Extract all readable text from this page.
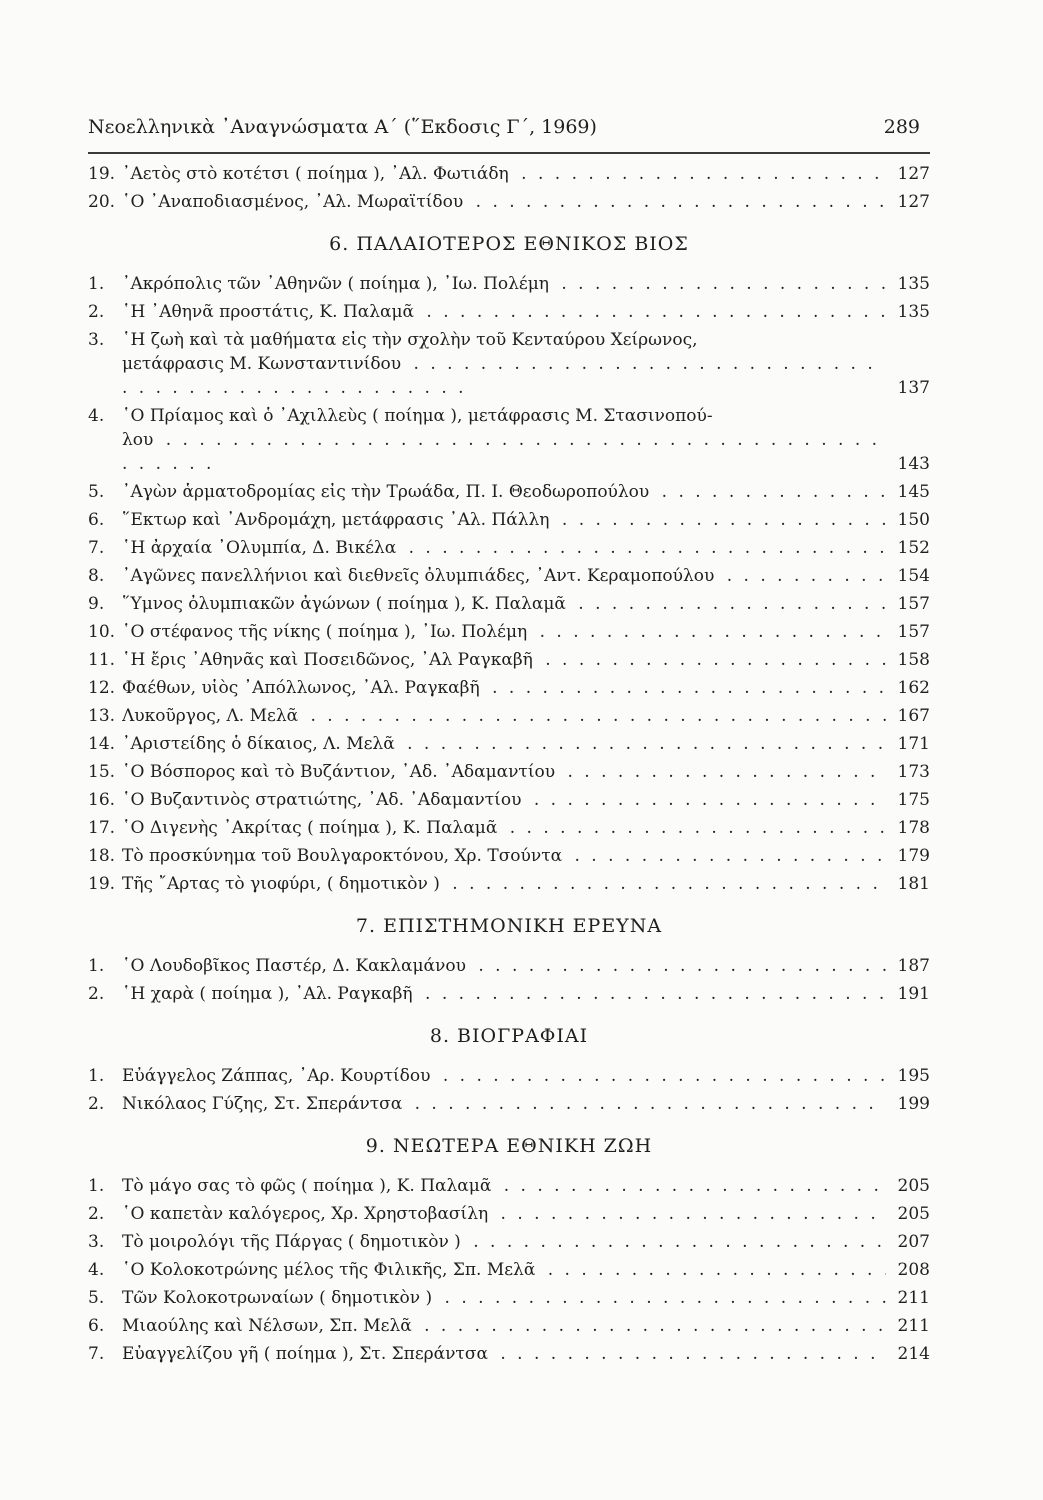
Νεοελληνικὰ ᾽Αναγνώσματα Α΄ (῞Εκδοσις Γ΄, 1969)	289
19. ᾽Αετὸς στὸ κοτέτσι ( ποίημα ), ᾽Αλ. Φωτιάδη . . .	127
20. ῾Ο ᾽Αναποδιασμένος, ᾽Αλ. Μωραϊτίδου . . .	127
6. ΠΑΛΑΙΟΤΕΡΟΣ ΕΘΝΙΚΟΣ ΒΙΟΣ
1.	᾽Ακρόπολις τῶν ᾽Αθηνῶν ( ποίημα ), ᾽Ιω. Πολέμη . . .	135
2.	῾Η ᾽Αθηνᾶ προστάτις, Κ. Παλαμᾶ . . .	135
3.	῾Η ζωὴ καὶ τὰ μαθήματα εἰς τὴν σχολὴν τοῦ Κενταύρου Χείρωνος,
μετάφρασις Μ. Κωνσταντινίδου . . .
137
4.	῾Ο Πρίαμος καὶ ὁ ᾽Αχιλλεὺς ( ποίημα ), μετάφρασις Μ. Στασινοπού-
λου . . .
143
5.	᾽Αγὼν ἁρματοδρομίας εἰς τὴν Τρωάδα, Π. Ι. Θεοδωροπούλου . . .	145
6.	῞Εκτωρ καὶ ᾽Ανδρομάχη, μετάφρασις ᾽Αλ. Πάλλη . . .	150
7.	῾Η ἀρχαία ᾽Ολυμπία, Δ. Βικέλα . . .	152
8.	᾽Αγῶνες πανελλήνιοι καὶ διεθνεῖς ὀλυμπιάδες, ᾽Αντ. Κεραμοπούλου . . .	154
9.	῞Υμνος ὀλυμπιακῶν ἀγώνων ( ποίημα ), Κ. Παλαμᾶ . . .	157
10. ῾Ο στέφανος τῆς νίκης ( ποίημα ), ᾽Ιω. Πολέμη . . .	157
11. ῾Η ἔρις ᾽Αθηνᾶς καὶ Ποσειδῶνος, ᾽Αλ Ραγκαβῆ . . .	158
12. Φαέθων, υἱὸς ᾽Απόλλωνος, ᾽Αλ. Ραγκαβῆ . . .	162
13. Λυκοῦργος, Λ. Μελᾶ . . .	167
14. ᾽Αριστείδης ὁ δίκαιος, Λ. Μελᾶ . . .	171
15. ῾Ο Βόσπορος καὶ τὸ Βυζάντιον, ᾽Αδ. ᾽Αδαμαντίου . . .	173
16. ῾Ο Βυζαντινὸς στρατιώτης, ᾽Αδ. ᾽Αδαμαντίου . . .	175
17. ῾Ο Διγενὴς ᾽Ακρίτας ( ποίημα ), Κ. Παλαμᾶ . . .	178
18. Τὸ προσκύνημα τοῦ Βουλγαροκτόνου, Χρ. Τσούντα . . .	179
19. Τῆς ῎Αρτας τὸ γιοφύρι, ( δημοτικὸν ) . . .	181
7. ΕΠΙΣΤΗΜΟΝΙΚΗ ΕΡΕΥΝΑ
1.	῾Ο Λουδοβῖκος Παστέρ, Δ. Κακλαμάνου . . .	187
2.	῾Η χαρὰ ( ποίημα ), ᾽Αλ. Ραγκαβῆ . . .	191
8. ΒΙΟΓΡΑΦΙΑΙ
1.	Εὐάγγελος Ζάππας, ᾽Αρ. Κουρτίδου . . .	195
2.	Νικόλαος Γύζης, Στ. Σπεράντσα . . .	199
9. ΝΕΩΤΕΡΑ ΕΘΝΙΚΗ ΖΩΗ
1.	Τὸ μάγο σας τὸ φῶς ( ποίημα ), Κ. Παλαμᾶ . . .	205
2.	῾Ο καπετὰν καλόγερος, Χρ. Χρηστοβασίλη . . .	205
3.	Τὸ μοιρολόγι τῆς Πάργας ( δημοτικὸν ) . . .	207
4.	῾Ο Κολοκοτρώνης μέλος τῆς Φιλικῆς, Σπ. Μελᾶ . . .	208
5.	Τῶν Κολοκοτρωναίων ( δημοτικὸν ) . . .	211
6.	Μιαούλης καὶ Νέλσων, Σπ. Μελᾶ . . .	211
7.	Εὐαγγελίζου γῆ ( ποίημα ), Στ. Σπεράντσα . . .	214
